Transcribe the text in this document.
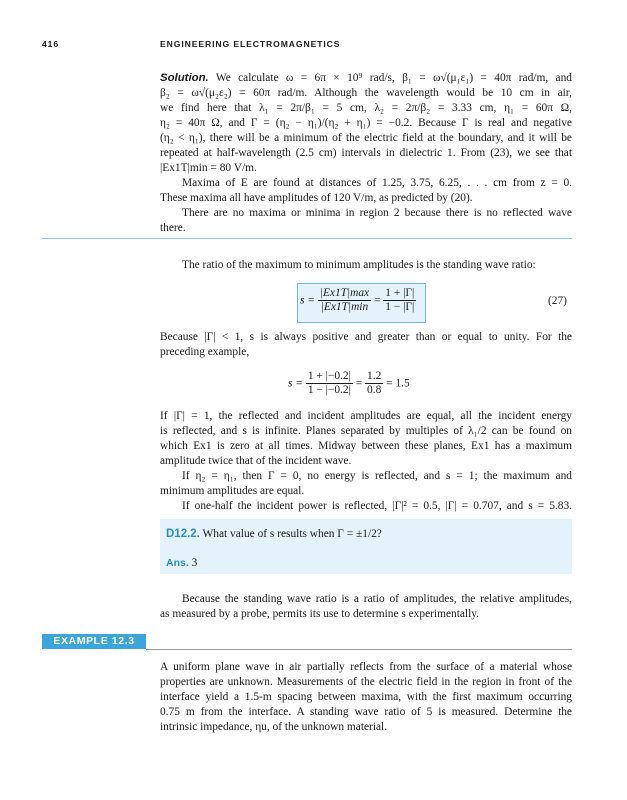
416	ENGINEERING ELECTROMAGNETICS
Solution. We calculate ω = 6π × 10⁹ rad/s, β₁ = ω√(μ₁ε₁) = 40π rad/m, and
β₂ = ω√(μ₂ε₂) = 60π rad/m. Although the wavelength would be 10 cm in air,
we find here that λ₁ = 2π/β₁ = 5 cm, λ₂ = 2π/β₂ = 3.33 cm, η₁ = 60π Ω,
η₂ = 40π Ω, and Γ = (η₂ − η₁)/(η₂ + η₁) = −0.2. Because Γ is real and negative
(η₂ < η₁), there will be a minimum of the electric field at the boundary, and it will be
repeated at half-wavelength (2.5 cm) intervals in dielectric 1. From (23), we see that
|Ex1T|min = 80 V/m.
Maxima of E are found at distances of 1.25, 3.75, 6.25, . . . cm from z = 0.
These maxima all have amplitudes of 120 V/m, as predicted by (20).
There are no maxima or minima in region 2 because there is no reflected wave
there.
The ratio of the maximum to minimum amplitudes is the standing wave ratio:
$s = \frac{|Ex1T|\max}{|Ex1T|\min} = \frac{1 + |\Gamma|}{1 - |\Gamma|}$	(27)
Because |Γ| < 1, s is always positive and greater than or equal to unity. For the
preceding example,
$s = \frac{1 + |-0.2|}{1 - |-0.2|} = \frac{1.2}{0.8} = 1.5$
If |Γ| = 1, the reflected and incident amplitudes are equal, all the incident energy
is reflected, and s is infinite. Planes separated by multiples of λ₁/2 can be found on
which Ex1 is zero at all times. Midway between these planes, Ex1 has a maximum
amplitude twice that of the incident wave.
If η₂ = η₁, then Γ = 0, no energy is reflected, and s = 1; the maximum and
minimum amplitudes are equal.
If one-half the incident power is reflected, |Γ|² = 0.5, |Γ| = 0.707, and s = 5.83.
D12.2. What value of s results when Γ = ±1/2?
Ans. 3
Because the standing wave ratio is a ratio of amplitudes, the relative amplitudes,
as measured by a probe, permits its use to determine s experimentally.
EXAMPLE 12.3
A uniform plane wave in air partially reflects from the surface of a material whose
properties are unknown. Measurements of the electric field in the region in front of the
interface yield a 1.5-m spacing between maxima, with the first maximum occurring
0.75 m from the interface. A standing wave ratio of 5 is measured. Determine the
intrinsic impedance, ηu, of the unknown material.
